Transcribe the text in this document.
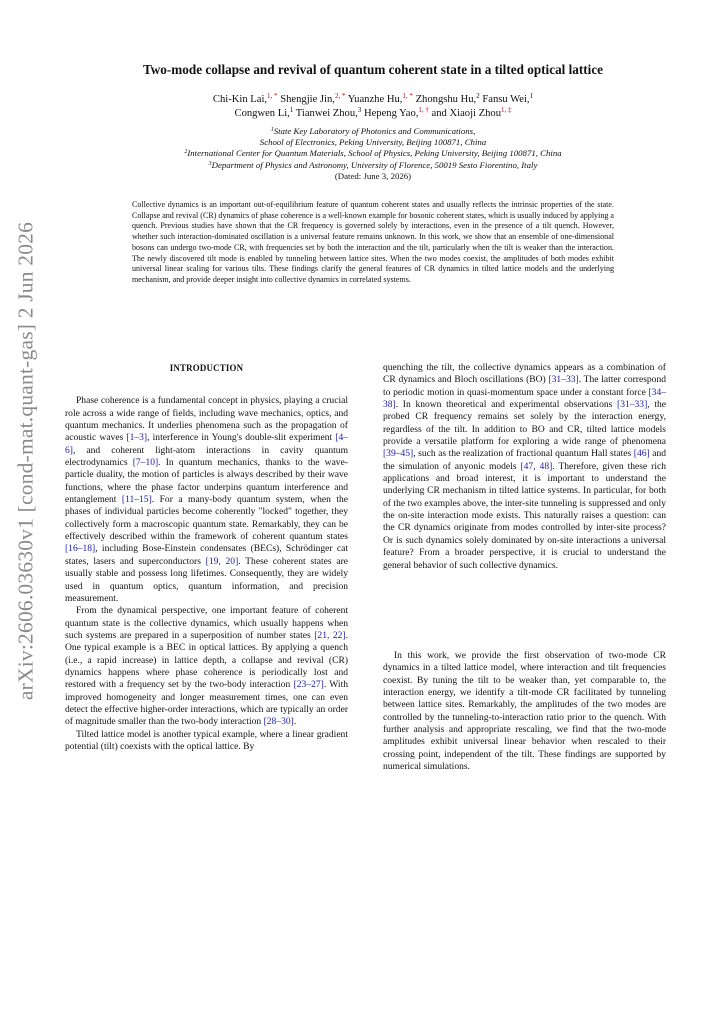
arXiv:2606.03630v1 [cond-mat.quant-gas] 2 Jun 2026
Two-mode collapse and revival of quantum coherent state in a tilted optical lattice
Chi-Kin Lai,$^{1, *}$ Shengjie Jin,$^{2, *}$ Yuanzhe Hu,$^{1, *}$ Zhongshu Hu,$^2$ Fansu Wei,$^1$
Congwen Li,$^1$ Tianwei Zhou,$^3$ Hepeng Yao,$^{1, \dagger}$ and Xiaoji Zhou$^{1, \ddagger}$
$^1$State Key Laboratory of Photonics and Communications,
School of Electronics, Peking University, Beijing 100871, China
$^2$International Center for Quantum Materials, School of Physics, Peking University, Beijing 100871, China
$^3$Department of Physics and Astronomy, University of Florence, 50019 Sesto Fiorentino, Italy
(Dated: June 3, 2026)
Collective dynamics is an important out-of-equilibrium feature of quantum coherent states and usually reflects the intrinsic properties of the state. Collapse and revival (CR) dynamics of phase coherence is a well-known example for bosonic coherent states, which is usually induced by applying a quench. Previous studies have shown that the CR frequency is governed solely by interactions, even in the presence of a tilt quench. However, whether such interaction-dominated oscillation is a universal feature remains unknown. In this work, we show that an ensemble of one-dimensional bosons can undergo two-mode CR, with frequencies set by both the interaction and the tilt, particularly when the tilt is weaker than the interaction. The newly discovered tilt mode is enabled by tunneling between lattice sites. When the two modes coexist, the amplitudes of both modes exhibit universal linear scaling for various tilts. These findings clarify the general features of CR dynamics in tilted lattice models and the underlying mechanism, and provide deeper insight into collective dynamics in correlated systems.
INTRODUCTION

Phase coherence is a fundamental concept in physics, playing a crucial role across a wide range of fields, including wave mechanics, optics, and quantum mechanics. It underlies phenomena such as the propagation of acoustic waves [1–3], interference in Young's double-slit experiment [4–6], and coherent light-atom interactions in cavity quantum electrodynamics [7–10]. In quantum mechanics, thanks to the wave-particle duality, the motion of particles is always described by their wave functions, where the phase factor underpins quantum interference and entanglement [11–15]. For a many-body quantum system, when the phases of individual particles become coherently "locked" together, they collectively form a macroscopic quantum state. Remarkably, they can be effectively described within the framework of coherent quantum states [16–18], including Bose-Einstein condensates (BECs), Schrödinger cat states, lasers and superconductors [19, 20]. These coherent states are usually stable and possess long lifetimes. Consequently, they are widely used in quantum optics, quantum information, and precision measurement.

From the dynamical perspective, one important feature of coherent quantum state is the collective dynamics, which usually happens when such systems are prepared in a superposition of number states [21, 22]. One typical example is a BEC in optical lattices. By applying a quench (i.e., a rapid increase) in lattice depth, a collapse and revival (CR) dynamics happens where phase coherence is periodically lost and restored with a frequency set by the two-body interaction [23–27]. With improved homogeneity and longer measurement times, one can even detect the effective higher-order interactions, which are typically an order of magnitude smaller than the two-body interaction [28–30].

Tilted lattice model is another typical example, where a linear gradient potential (tilt) coexists with the optical lattice. By

quenching the tilt, the collective dynamics appears as a combination of CR dynamics and Bloch oscillations (BO) [31–33]. The latter correspond to periodic motion in quasi-momentum space under a constant force [34–38]. In known theoretical and experimental observations [31–33], the probed CR frequency remains set solely by the interaction energy, regardless of the tilt. In addition to BO and CR, tilted lattice models provide a versatile platform for exploring a wide range of phenomena [39–45], such as the realization of fractional quantum Hall states [46] and the simulation of anyonic models [47, 48]. Therefore, given these rich applications and broad interest, it is important to understand the underlying CR mechanism in tilted lattice systems. In particular, for both of the two examples above, the inter-site tunneling is suppressed and only the on-site interaction mode exists. This naturally raises a question: can the CR dynamics originate from modes controlled by inter-site process? Or is such dynamics solely dominated by on-site interactions a universal feature? From a broader perspective, it is crucial to understand the general behavior of such collective dynamics.

In this work, we provide the first observation of two-mode CR dynamics in a tilted lattice model, where interaction and tilt frequencies coexist. By tuning the tilt to be weaker than, yet comparable to, the interaction energy, we identify a tilt-mode CR facilitated by tunneling between lattice sites. Remarkably, the amplitudes of the two modes are controlled by the tunneling-to-interaction ratio prior to the quench. With further analysis and appropriate rescaling, we find that the two-mode amplitudes exhibit universal linear behavior when rescaled to their crossing point, independent of the tilt. These findings are supported by numerical simulations.
